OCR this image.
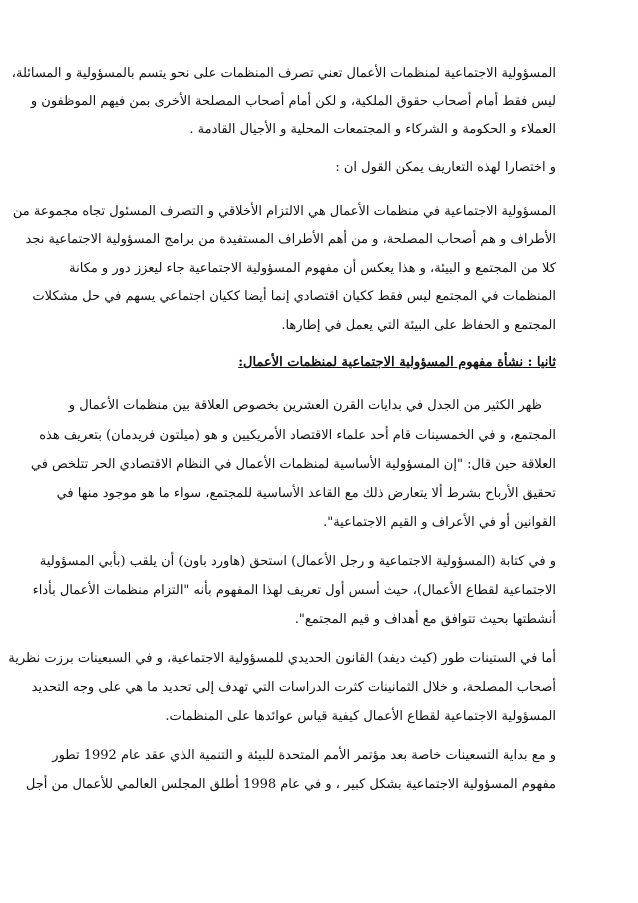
المسؤولية الاجتماعية لمنظمات الأعمال تعني تصرف المنظمات على نحو يتسم بالمسؤولية و المسائلة،
ليس فقط أمام أصحاب حقوق الملكية، و لكن أمام أصحاب المصلحة الأخرى بمن فيهم الموظفون و
العملاء و الحكومة و الشركاء و المجتمعات المحلية و الأجيال القادمة .
و اختصارا لهذه التعاريف يمكن القول ان :
المسؤولية الاجتماعية في منظمات الأعمال هي الالتزام الأخلاقي و التصرف المسئول تجاه مجموعة من
الأطراف و هم أصحاب المصلحة، و من أهم الأطراف المستفيدة من برامج المسؤولية الاجتماعية نجد
كلا من المجتمع و البيئة، و هذا يعكس أن مفهوم المسؤولية الاجتماعية جاء ليعزز دور و مكانة
المنظمات في المجتمع ليس فقط ككيان اقتصادي إنما أيضا ككيان اجتماعي يسهم في حل مشكلات
المجتمع و الحفاظ على البيئة التي يعمل في إطارها.
ثانيا : نشأة مفهوم المسؤولية الاجتماعية لمنظمات الأعمال:
ظهر الكثير من الجدل في بدايات القرن العشرين بخصوص العلاقة بين منظمات الأعمال و
المجتمع، و في الخمسينات قام أحد علماء الاقتصاد الأمريكيين و هو (ميلتون فريدمان) بتعريف هذه
العلاقة حين قال: "إن المسؤولية الأساسية لمنظمات الأعمال في النظام الاقتصادي الحر تتلخص في
تحقيق الأرباح بشرط ألا يتعارض ذلك مع القاعد الأساسية للمجتمع، سواء ما هو موجود منها في
القوانين أو في الأعراف و القيم الاجتماعية".
و في كتابة (المسؤولية الاجتماعية و رجل الأعمال) استحق (هاورد باون) أن يلقب (بأبي المسؤولية
الاجتماعية لقطاع الأعمال)، حيث أسس أول تعريف لهذا المفهوم بأنه "التزام منظمات الأعمال بأداء
أنشطتها بحيث تتوافق مع أهداف و قيم المجتمع".
أما في الستينات طور (كيث ديفد) القانون الحديدي للمسؤولية الاجتماعية، و في السبعينات برزت نظرية
أصحاب المصلحة، و خلال الثمانينات كثرت الدراسات التي تهدف إلى تحديد ما هي على وجه التحديد
المسؤولية الاجتماعية لقطاع الأعمال كيفية قياس عوائدها على المنظمات.
و مع بداية التسعينات خاصة بعد مؤتمر الأمم المتحدة للبيئة و التنمية الذي عقد عام 1992 تطور
مفهوم المسؤولية الاجتماعية بشكل كبير ، و في عام 1998 أطلق المجلس العالمي للأعمال من أجل
